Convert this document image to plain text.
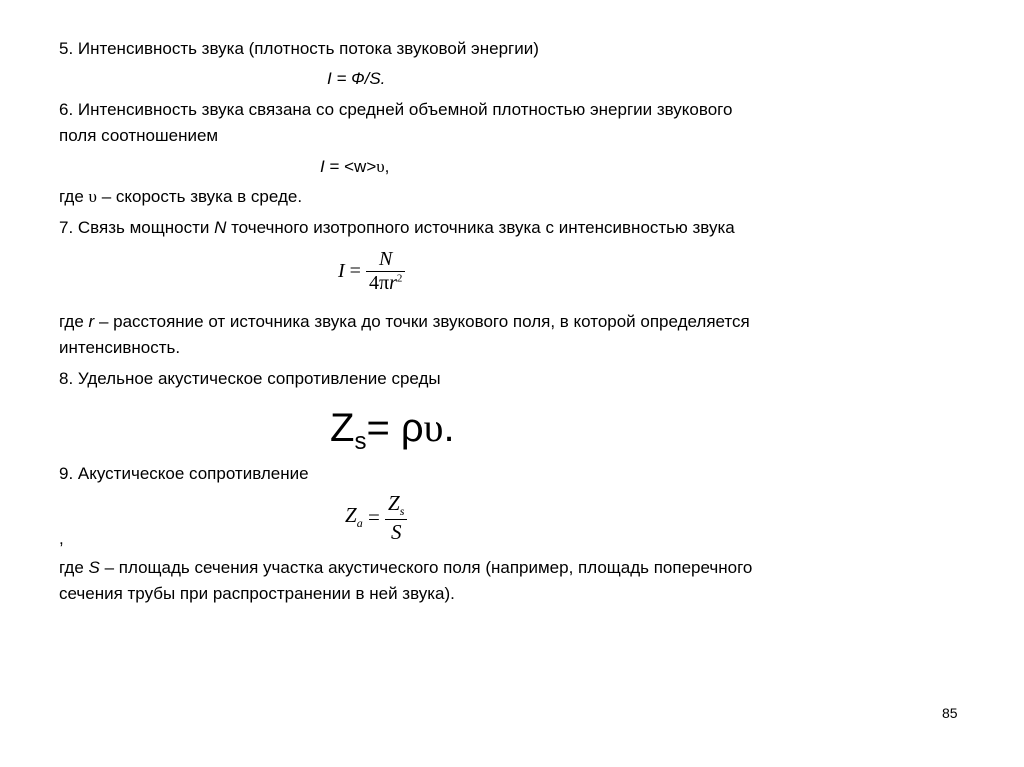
5. Интенсивность звука (плотность потока звуковой энергии)

I = Ф/S.

6. Интенсивность звука связана со средней объемной плотностью энергии звукового

поля соотношением

I = <w>υ,

где υ – скорость звука в среде.

7. Связь мощности N точечного изотропного источника звука с интенсивностью звука

$I = \frac{N}{4\pi r^2}$

где r – расстояние от источника звука до точки звукового поля, в которой определяется

интенсивность.

8. Удельное акустическое сопротивление среды

$Z_s= \rho\upsilon$.

9. Акустическое сопротивление

$Z_a = \frac{Z_s}{S}$

,

где S – площадь сечения участка акустического поля (например, площадь поперечного

сечения трубы при распространении в ней звука).

85
